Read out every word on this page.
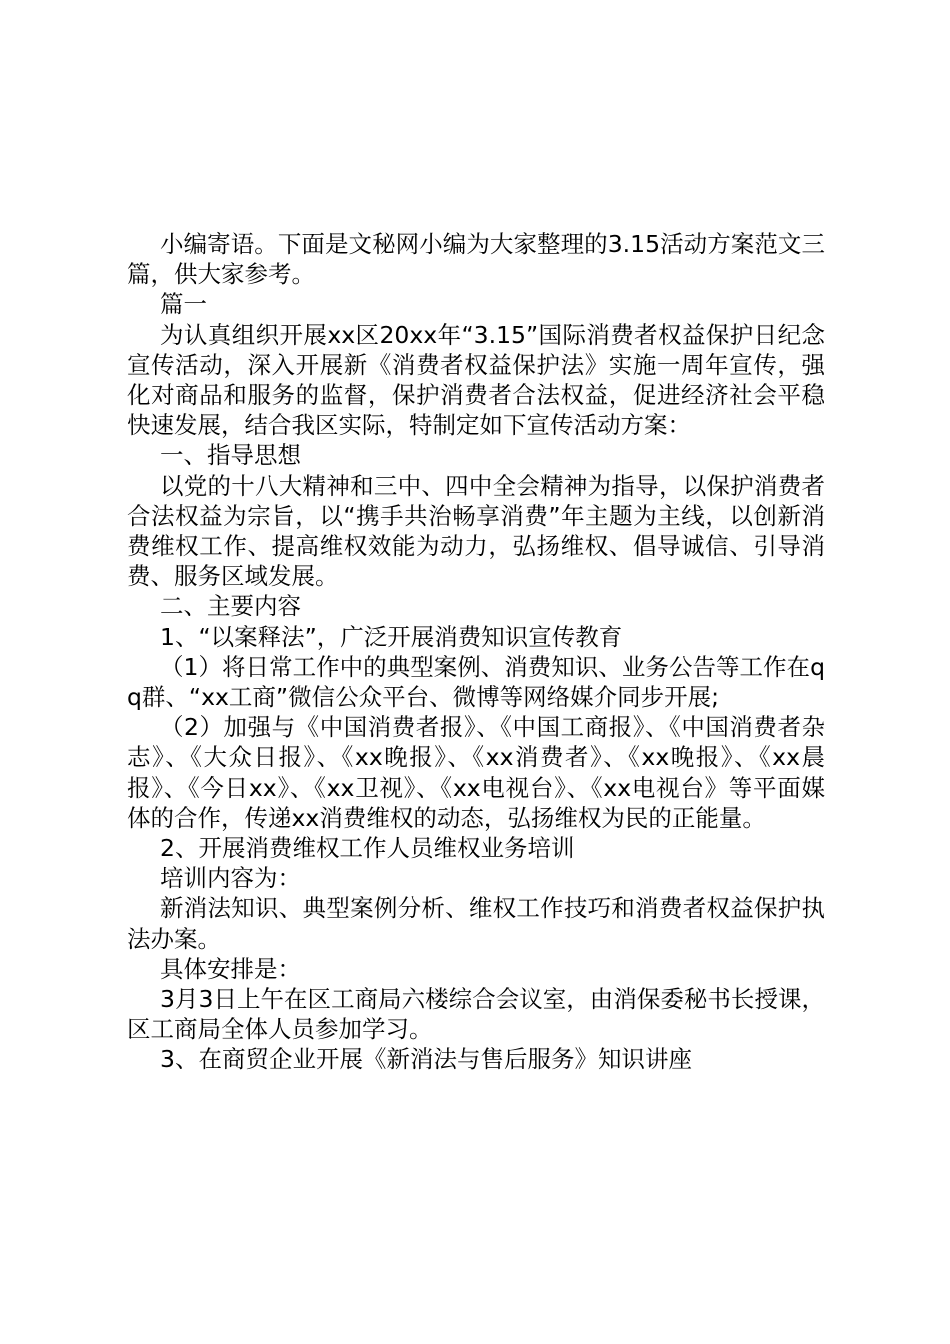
小编寄语。下面是文秘网小编为大家整理的3.15活动方案范文三篇，供大家参考。

篇一

为认真组织开展xx区20xx年“3.15”国际消费者权益保护日纪念宣传活动，深入开展新《消费者权益保护法》实施一周年宣传，强化对商品和服务的监督，保护消费者合法权益，促进经济社会平稳快速发展，结合我区实际，特制定如下宣传活动方案：

一、指导思想

以党的十八大精神和三中、四中全会精神为指导，以保护消费者合法权益为宗旨，以“携手共治畅享消费”年主题为主线，以创新消费维权工作、提高维权效能为动力，弘扬维权、倡导诚信、引导消费、服务区域发展。

二、主要内容

1、“以案释法”，广泛开展消费知识宣传教育

（1）将日常工作中的典型案例、消费知识、业务公告等工作在qq群、“xx工商”微信公众平台、微博等网络媒介同步开展;

（2）加强与《中国消费者报》、《中国工商报》、《中国消费者杂志》、《大众日报》、《xx晚报》、《xx消费者》、《xx晚报》、《xx晨报》、《今日xx》、《xx卫视》、《xx电视台》、《xx电视台》等平面媒体的合作，传递xx消费维权的动态，弘扬维权为民的正能量。

2、开展消费维权工作人员维权业务培训

培训内容为：

新消法知识、典型案例分析、维权工作技巧和消费者权益保护执法办案。

具体安排是：

3月3日上午在区工商局六楼综合会议室，由消保委秘书长授课，区工商局全体人员参加学习。

3、在商贸企业开展《新消法与售后服务》知识讲座
